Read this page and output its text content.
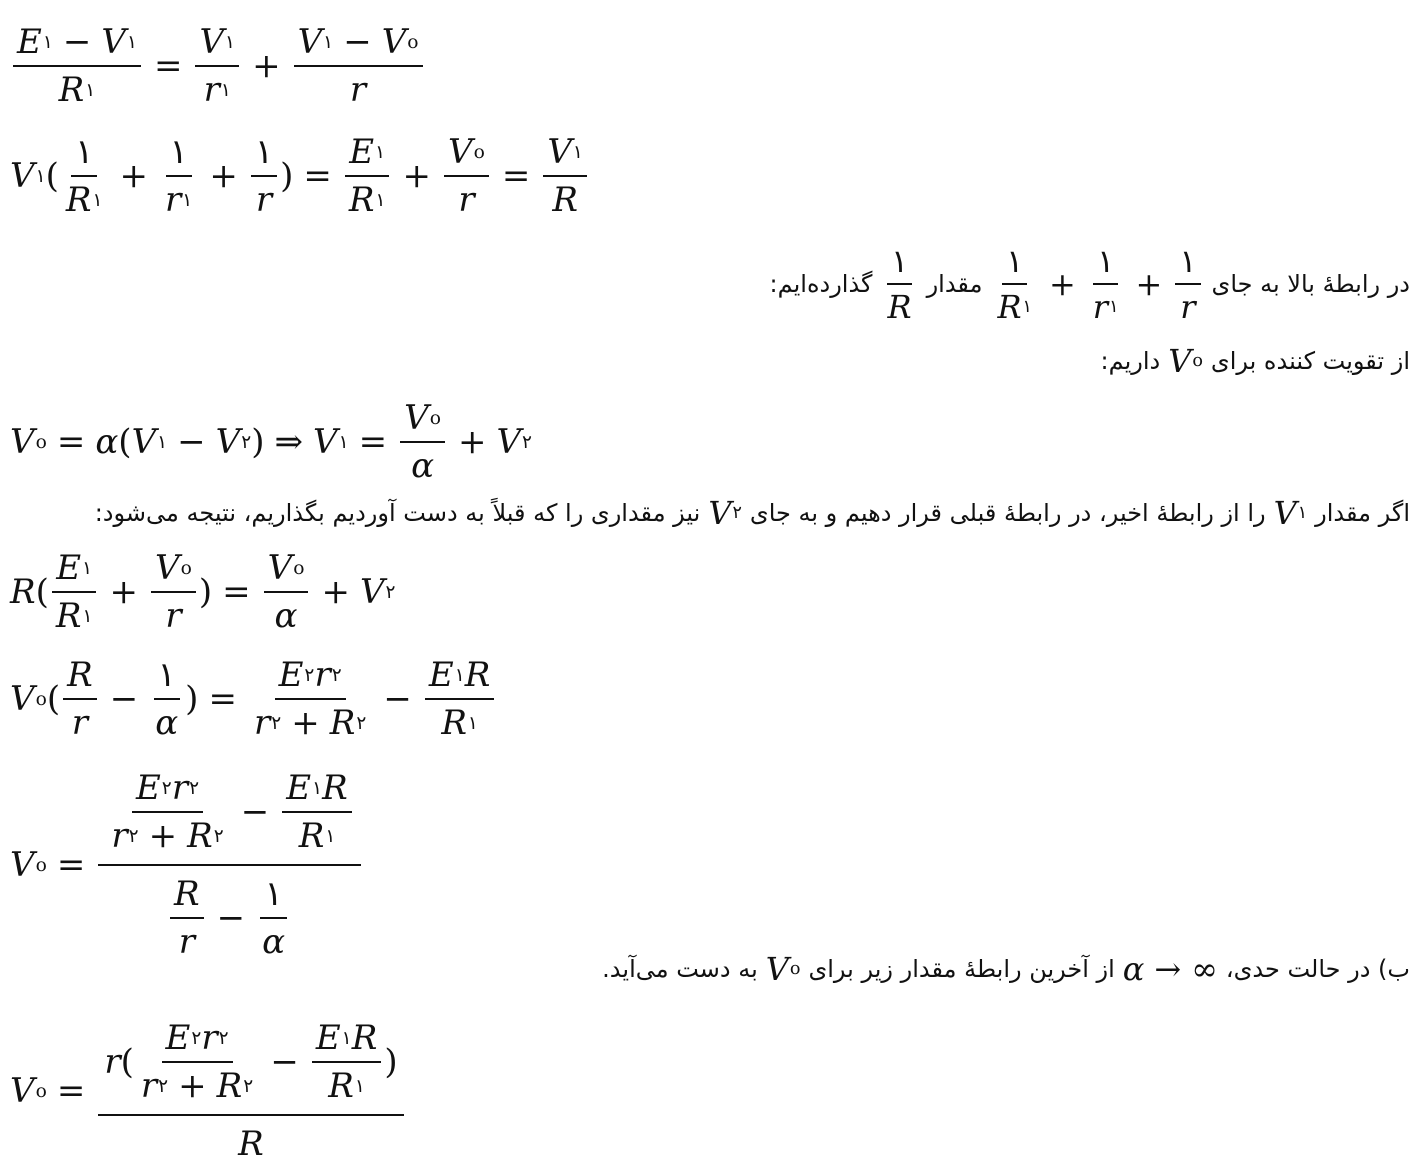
$\frac{E ۱ - V ۱}{R ۱} = \frac{V ۱}{r ۱} + \frac{\text{V ۱ − V o}}{r}$
V ۱ (
۱
R ۱
+
۱
r ۱
+
۱
r
) = $\frac{E ۱}{R ۱} + \frac{\text{V o}}{r} = \frac{V ۱}{R}$
در رابطۀ بالا به جای
۱
R ۱
+
۱
r ۱
+
۱
r
مقدار
۱
R
گذارده‌ایم:
از تقویت کننده برای
V o
داریم:
V o = α ( V ۱ − V ۲ ) ⇒ V ۱ = $\frac{\text{V o}}{\alpha} + V$ ۲
اگر مقدار
V ۱
را از رابطۀ اخیر، در رابطۀ قبلی قرار دهیم و به جای
V ۲
نیز مقداری را که قبلاً به دست آوردیم بگذاریم، نتیجه می‌شود:
R (
E ۱
R ۱
+ $\frac{\text{V o}}{r}$ ) = $\frac{\text{V o}}{\alpha} + V$ ۲
V o (
R
r
−
۱
α
) = $\frac{E ۲ r ۲}{r ۲ + R ۲} - \frac{E ۱ R}{R ۱}$
V o = E ۲ r ۲
r ۲ + R ۲
− $\frac{E ۱ R}{R ۱}$
R
r
−
۱
α	ب) در حالت حدی،
α → ∞
از آخرین رابطۀ مقدار زیر برای
V o
به دست می‌آید.
V o = r (
E ۲ r ۲
r ۲ + R ۲
− $\frac{E ۱ R}{R ۱}$ )
R
